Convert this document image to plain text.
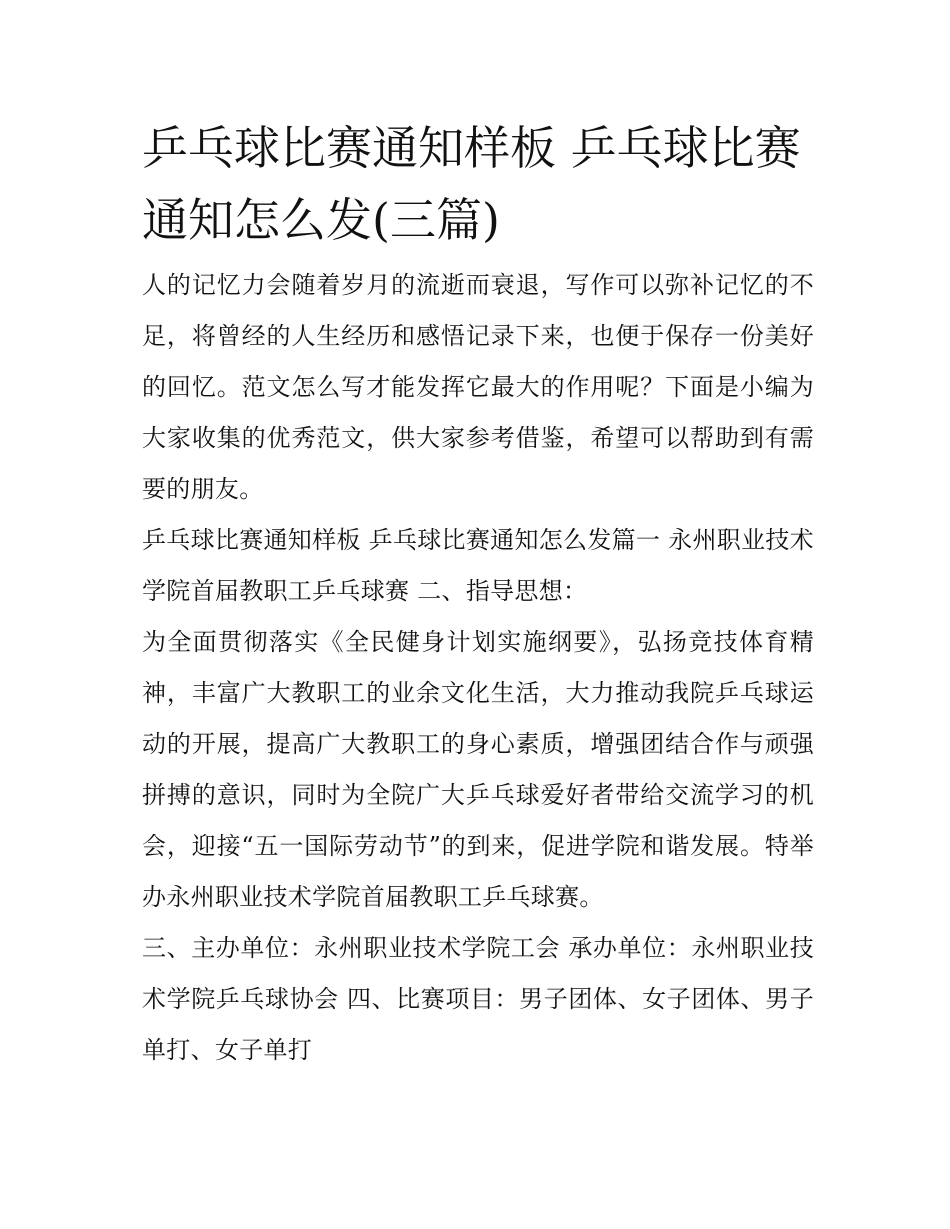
乒乓球比赛通知样板 乒乓球比赛通知怎么发(三篇)

人的记忆力会随着岁月的流逝而衰退，写作可以弥补记忆的不足，将曾经的人生经历和感悟记录下来，也便于保存一份美好的回忆。范文怎么写才能发挥它最大的作用呢？下面是小编为大家收集的优秀范文，供大家参考借鉴，希望可以帮助到有需要的朋友。

乒乓球比赛通知样板 乒乓球比赛通知怎么发篇一 永州职业技术学院首届教职工乒乓球赛 二、指导思想：

为全面贯彻落实《全民健身计划实施纲要》，弘扬竞技体育精神，丰富广大教职工的业余文化生活，大力推动我院乒乓球运动的开展，提高广大教职工的身心素质，增强团结合作与顽强拼搏的意识，同时为全院广大乒乓球爱好者带给交流学习的机会，迎接“五一国际劳动节”的到来，促进学院和谐发展。特举办永州职业技术学院首届教职工乒乓球赛。

三、主办单位：永州职业技术学院工会 承办单位：永州职业技术学院乒乓球协会 四、比赛项目：男子团体、女子团体、男子单打、女子单打
